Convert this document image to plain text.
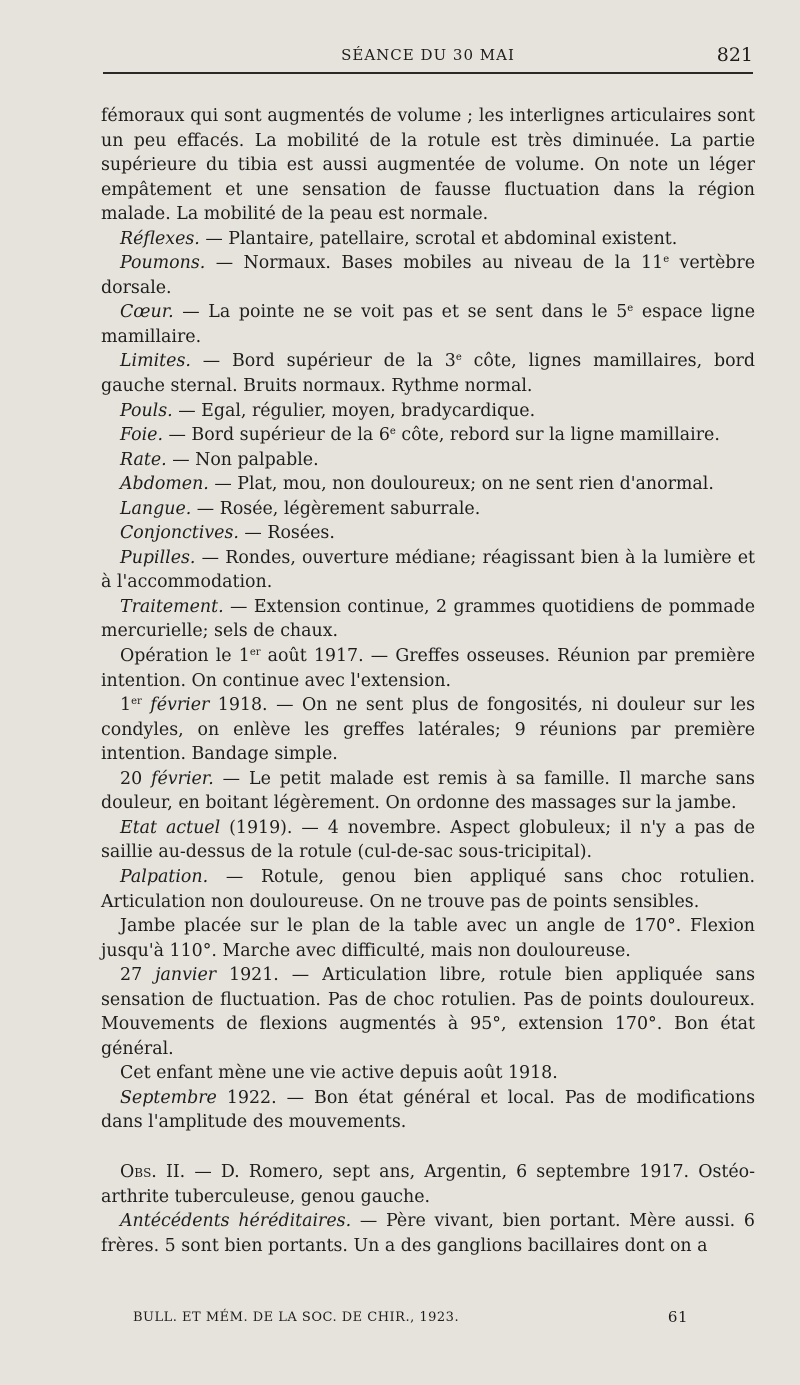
SÉANCE DU 30 MAI	821

fémoraux qui sont augmentés de volume ; les interlignes articulaires sont un peu effacés. La mobilité de la rotule est très diminuée. La partie supérieure du tibia est aussi augmentée de volume. On note un léger empâtement et une sensation de fausse fluctuation dans la région malade. La mobilité de la peau est normale.

Réflexes. — Plantaire, patellaire, scrotal et abdominal existent.

Poumons. — Normaux. Bases mobiles au niveau de la 11e vertèbre dorsale.

Cœur. — La pointe ne se voit pas et se sent dans le 5e espace ligne mamillaire.

Limites. — Bord supérieur de la 3e côte, lignes mamillaires, bord gauche sternal. Bruits normaux. Rythme normal.

Pouls. — Egal, régulier, moyen, bradycardique.

Foie. — Bord supérieur de la 6e côte, rebord sur la ligne mamillaire.

Rate. — Non palpable.

Abdomen. — Plat, mou, non douloureux; on ne sent rien d'anormal.

Langue. — Rosée, légèrement saburrale.

Conjonctives. — Rosées.

Pupilles. — Rondes, ouverture médiane; réagissant bien à la lumière et à l'accommodation.

Traitement. — Extension continue, 2 grammes quotidiens de pommade mercurielle; sels de chaux.

Opération le 1er août 1917. — Greffes osseuses. Réunion par première intention. On continue avec l'extension.

1er février 1918. — On ne sent plus de fongosités, ni douleur sur les condyles, on enlève les greffes latérales; 9 réunions par première intention. Bandage simple.

20 février. — Le petit malade est remis à sa famille. Il marche sans douleur, en boitant légèrement. On ordonne des massages sur la jambe.

Etat actuel (1919). — 4 novembre. Aspect globuleux; il n'y a pas de saillie au-dessus de la rotule (cul-de-sac sous-tricipital).

Palpation. — Rotule, genou bien appliqué sans choc rotulien. Articulation non douloureuse. On ne trouve pas de points sensibles.

Jambe placée sur le plan de la table avec un angle de 170°. Flexion jusqu'à 110°. Marche avec difficulté, mais non douloureuse.

27 janvier 1921. — Articulation libre, rotule bien appliquée sans sensation de fluctuation. Pas de choc rotulien. Pas de points douloureux. Mouvements de flexions augmentés à 95°, extension 170°. Bon état général.

Cet enfant mène une vie active depuis août 1918.

Septembre 1922. — Bon état général et local. Pas de modifications dans l'amplitude des mouvements.

Obs. II. — D. Romero, sept ans, Argentin, 6 septembre 1917. Ostéo-arthrite tuberculeuse, genou gauche.

Antécédents héréditaires. — Père vivant, bien portant. Mère aussi. 6 frères. 5 sont bien portants. Un a des ganglions bacillaires dont on a

BULL. ET MÉM. DE LA SOC. DE CHIR., 1923.	61
